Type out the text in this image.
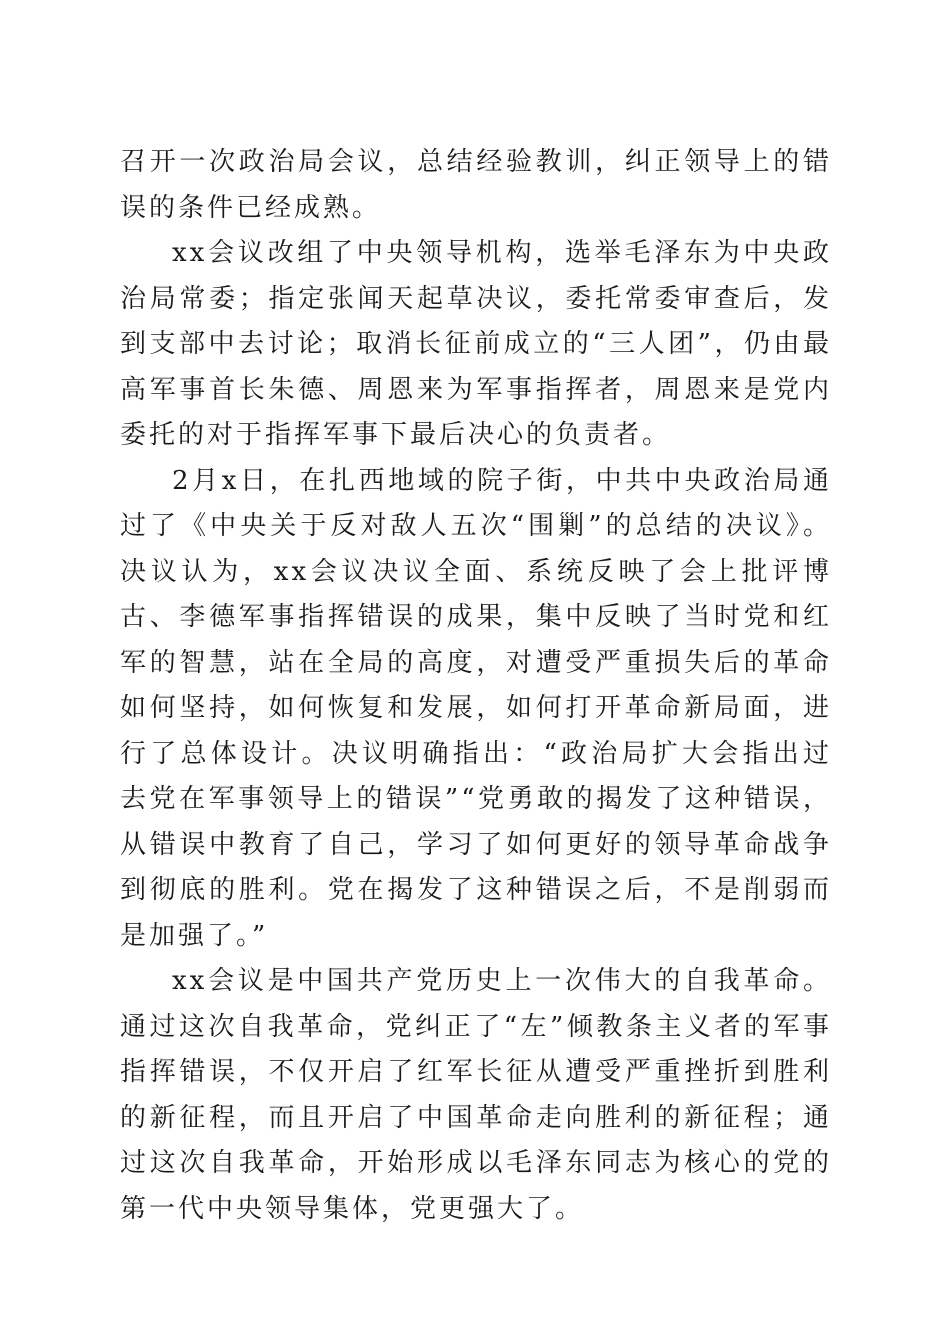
召开一次政治局会议，总结经验教训，纠正领导上的错误的条件已经成熟。

xx会议改组了中央领导机构，选举毛泽东为中央政治局常委；指定张闻天起草决议，委托常委审查后，发到支部中去讨论；取消长征前成立的“三人团”，仍由最高军事首长朱德、周恩来为军事指挥者，周恩来是党内委托的对于指挥军事下最后决心的负责者。

2月x日，在扎西地域的院子街，中共中央政治局通过了《中央关于反对敌人五次“围剿”的总结的决议》。决议认为，xx会议决议全面、系统反映了会上批评博古、李德军事指挥错误的成果，集中反映了当时党和红军的智慧，站在全局的高度，对遭受严重损失后的革命如何坚持，如何恢复和发展，如何打开革命新局面，进行了总体设计。决议明确指出：“政治局扩大会指出过去党在军事领导上的错误”“党勇敢的揭发了这种错误，从错误中教育了自己，学习了如何更好的领导革命战争到彻底的胜利。党在揭发了这种错误之后，不是削弱而是加强了。”

xx会议是中国共产党历史上一次伟大的自我革命。通过这次自我革命，党纠正了“左”倾教条主义者的军事指挥错误，不仅开启了红军长征从遭受严重挫折到胜利的新征程，而且开启了中国革命走向胜利的新征程；通过这次自我革命，开始形成以毛泽东同志为核心的党的第一代中央领导集体，党更强大了。
